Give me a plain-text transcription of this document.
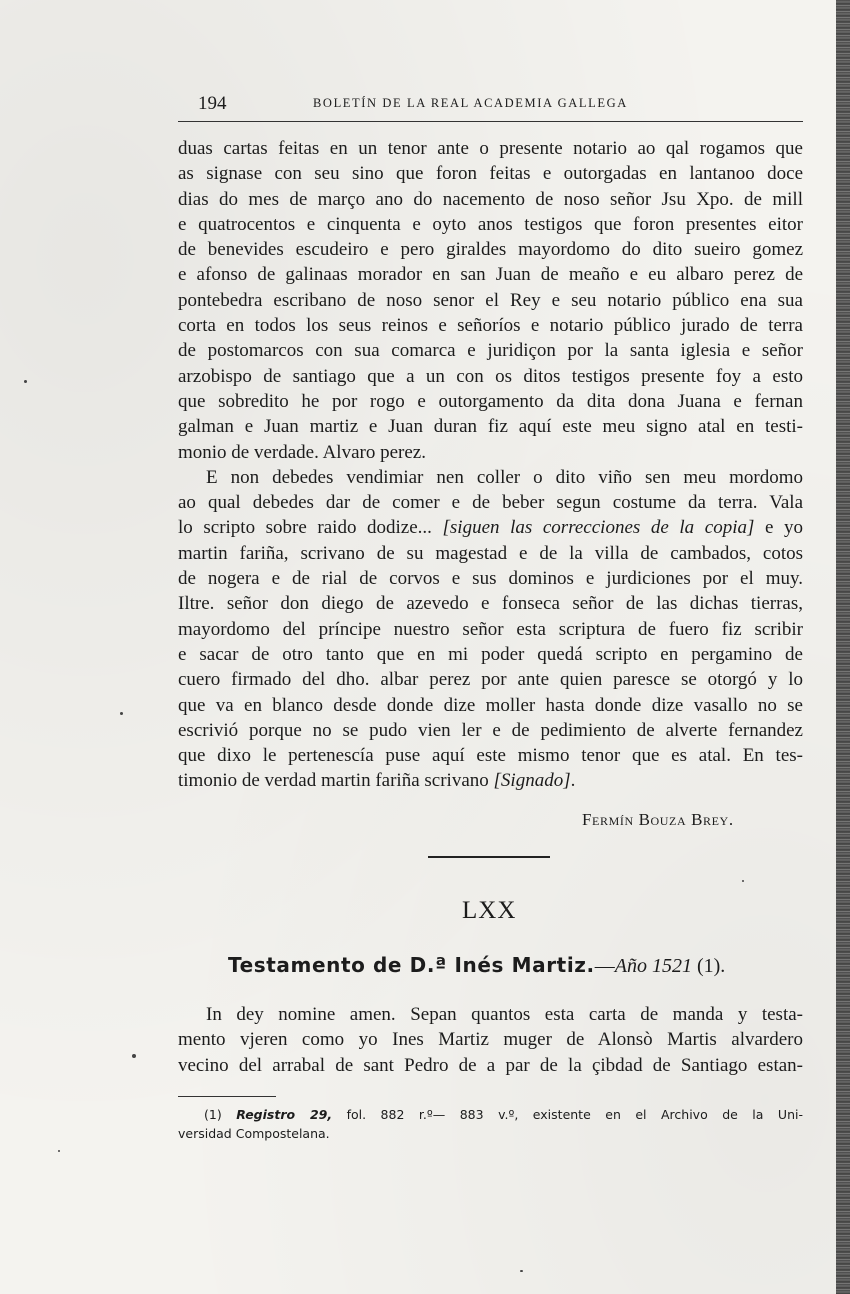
194	BOLETÍN DE LA REAL ACADEMIA GALLEGA
duas cartas feitas en un tenor ante o presente notario ao qal rogamos que
as signase con seu sino que foron feitas e outorgadas en lantanoo doce
dias do mes de março ano do nacemento de noso señor Jsu Xpo. de mill
e quatrocentos e cinquenta e oyto anos testigos que foron presentes eitor
de benevides escudeiro e pero giraldes mayordomo do dito sueiro gomez
e afonso de galinaas morador en san Juan de meaño e eu albaro perez de
pontebedra escribano de noso senor el Rey e seu notario público ena sua
corta en todos los seus reinos e señoríos e notario público jurado de terra
de postomarcos con sua comarca e juridiçon por la santa iglesia e señor
arzobispo de santiago que a un con os ditos testigos presente foy a esto
que sobredito he por rogo e outorgamento da dita dona Juana e fernan
galman e Juan martiz e Juan duran fiz aquí este meu signo atal en testi-
monio de verdade. Alvaro perez.
E non debedes vendimiar nen coller o dito viño sen meu mordomo
ao qual debedes dar de comer e de beber segun costume da terra. Vala
lo scripto sobre raido dodize... [siguen las correcciones de la copia] e yo
martin fariña, scrivano de su magestad e de la villa de cambados, cotos
de nogera e de rial de corvos e sus dominos e jurdiciones por el muy.
Iltre. señor don diego de azevedo e fonseca señor de las dichas tierras,
mayordomo del príncipe nuestro señor esta scriptura de fuero fiz scribir
e sacar de otro tanto que en mi poder quedá scripto en pergamino de
cuero firmado del dho. albar perez por ante quien paresce se otorgó y lo
que va en blanco desde donde dize moller hasta donde dize vasallo no se
escrivió porque no se pudo vien ler e de pedimiento de alverte fernandez
que dixo le pertenescía puse aquí este mismo tenor que es atal. En tes-
timonio de verdad martin fariña scrivano [Signado].
Fermín Bouza Brey.
LXX
Testamento de D.ª Inés Martiz.—Año 1521 (1).
In dey nomine amen. Sepan quantos esta carta de manda y testa-
mento vjeren como yo Ines Martiz muger de Alonsò Martis alvardero
vecino del arrabal de sant Pedro de a par de la çibdad de Santiago estan-
(1) Registro 29, fol. 882 r.º— 883 v.º, existente en el Archivo de la Uni-
versidad Compostelana.
